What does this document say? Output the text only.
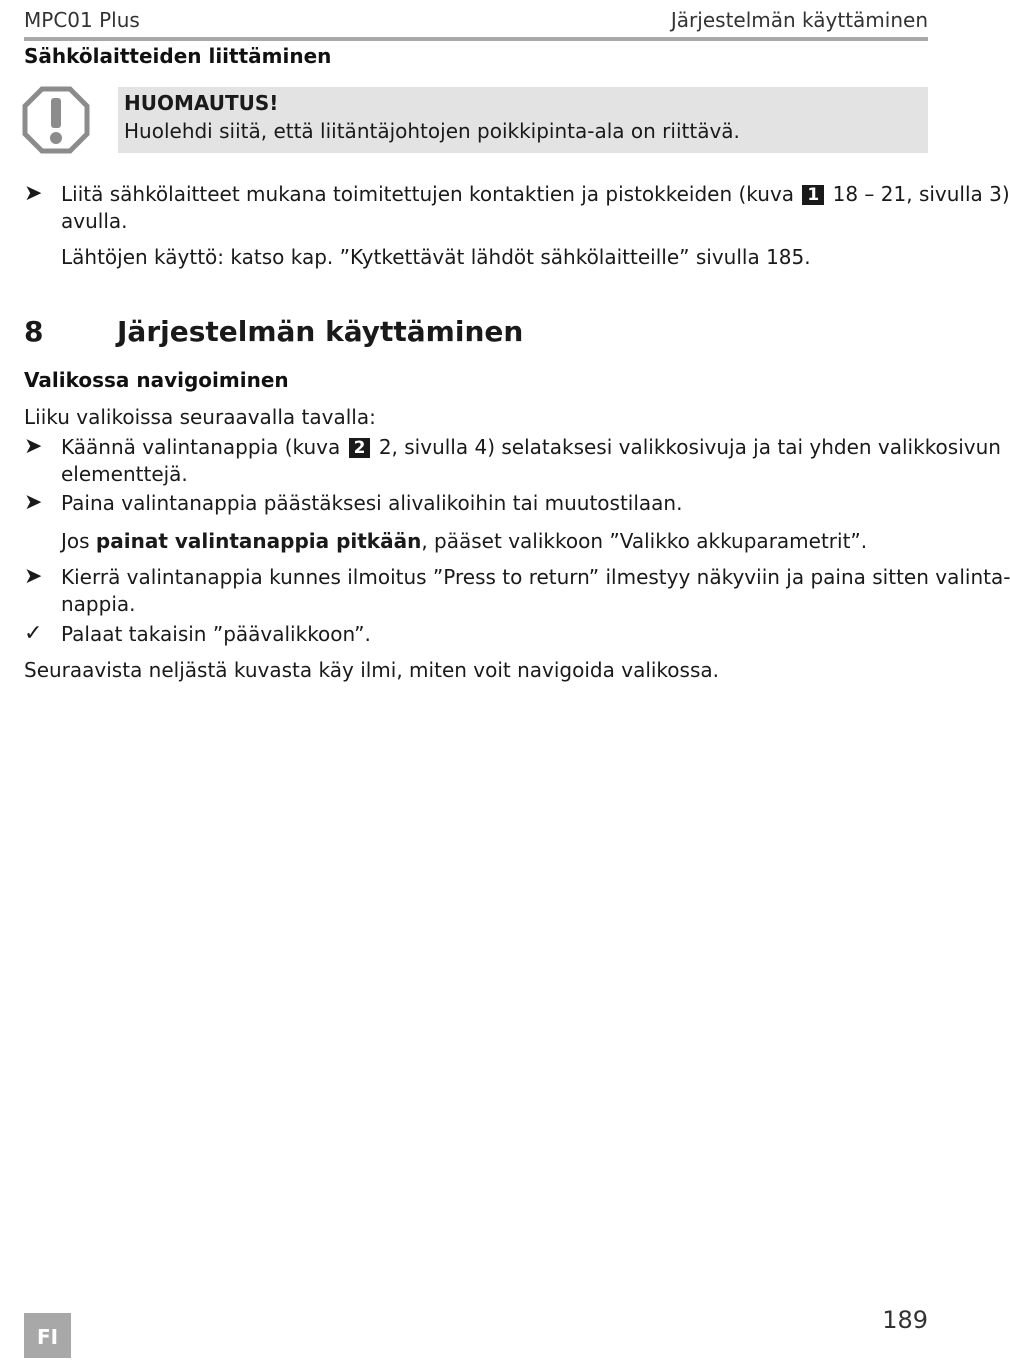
MPC01 Plus	Järjestelmän käyttäminen
Sähkölaitteiden liittäminen
HUOMAUTUS!
Huolehdi siitä, että liitäntäjohtojen poikkipinta-ala on riittävä.
➤ Liitä sähkölaitteet mukana toimitettujen kontaktien ja pistokkeiden (kuva 1 18 – 21, sivulla 3)
avulla.
Lähtöjen käyttö: katso kap. ”Kytkettävät lähdöt sähkölaitteille” sivulla 185.
8	Järjestelmän käyttäminen
Valikossa navigoiminen
Liiku valikoissa seuraavalla tavalla:
➤ Käännä valintanappia (kuva 2 2, sivulla 4) selataksesi valikkosivuja ja tai yhden valikkosivun
elementtejä.
➤ Paina valintanappia päästäksesi alivalikoihin tai muutostilaan.
Jos painat valintanappia pitkään, pääset valikkoon ”Valikko akkuparametrit”.
➤ Kierrä valintanappia kunnes ilmoitus ”Press to return” ilmestyy näkyviin ja paina sitten valinta-
nappia.
✓ Palaat takaisin ”päävalikkoon”.
Seuraavista neljästä kuvasta käy ilmi, miten voit navigoida valikossa.
FI
189
